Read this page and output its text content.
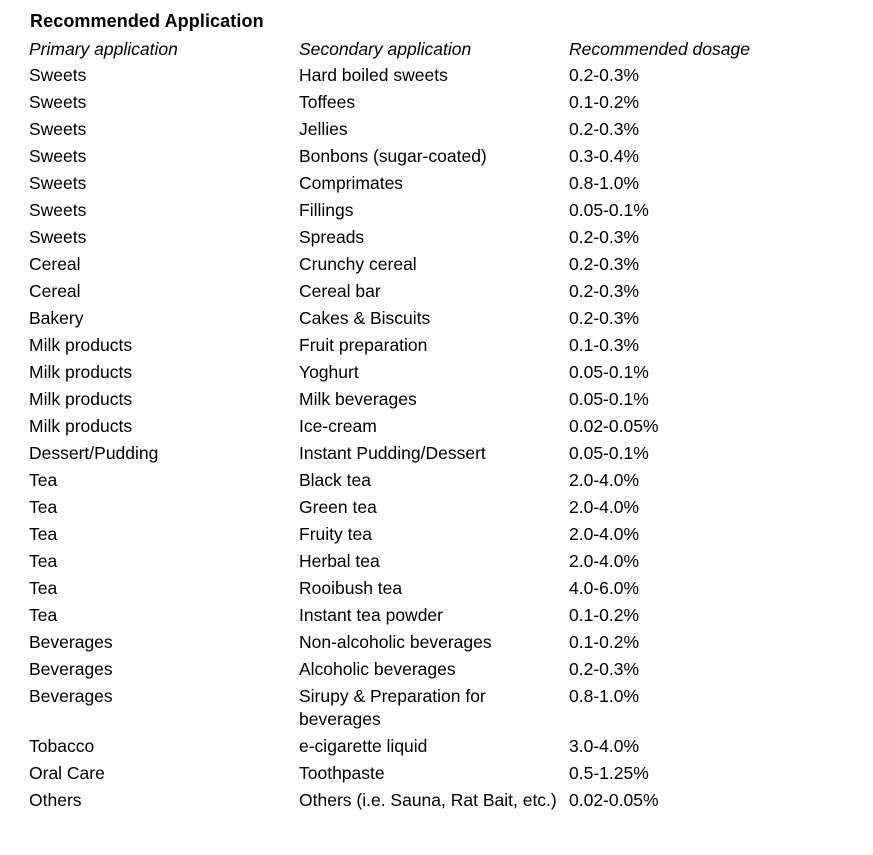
Recommended Application
Primary application	Secondary application	Recommended dosage
Sweets	Hard boiled sweets	0.2-0.3%
Sweets	Toffees	0.1-0.2%
Sweets	Jellies	0.2-0.3%
Sweets	Bonbons (sugar-coated)	0.3-0.4%
Sweets	Comprimates	0.8-1.0%
Sweets	Fillings	0.05-0.1%
Sweets	Spreads	0.2-0.3%
Cereal	Crunchy cereal	0.2-0.3%
Cereal	Cereal bar	0.2-0.3%
Bakery	Cakes & Biscuits	0.2-0.3%
Milk products	Fruit preparation	0.1-0.3%
Milk products	Yoghurt	0.05-0.1%
Milk products	Milk beverages	0.05-0.1%
Milk products	Ice-cream	0.02-0.05%
Dessert/Pudding	Instant Pudding/Dessert	0.05-0.1%
Tea	Black tea	2.0-4.0%
Tea	Green tea	2.0-4.0%
Tea	Fruity tea	2.0-4.0%
Tea	Herbal tea	2.0-4.0%
Tea	Rooibush tea	4.0-6.0%
Tea	Instant tea powder	0.1-0.2%
Beverages	Non-alcoholic beverages	0.1-0.2%
Beverages	Alcoholic beverages	0.2-0.3%
Beverages	Sirupy & Preparation for beverages	0.8-1.0%
Tobacco	e-cigarette liquid	3.0-4.0%
Oral Care	Toothpaste	0.5-1.25%
Others	Others (i.e. Sauna, Rat Bait, etc.)	0.02-0.05%
